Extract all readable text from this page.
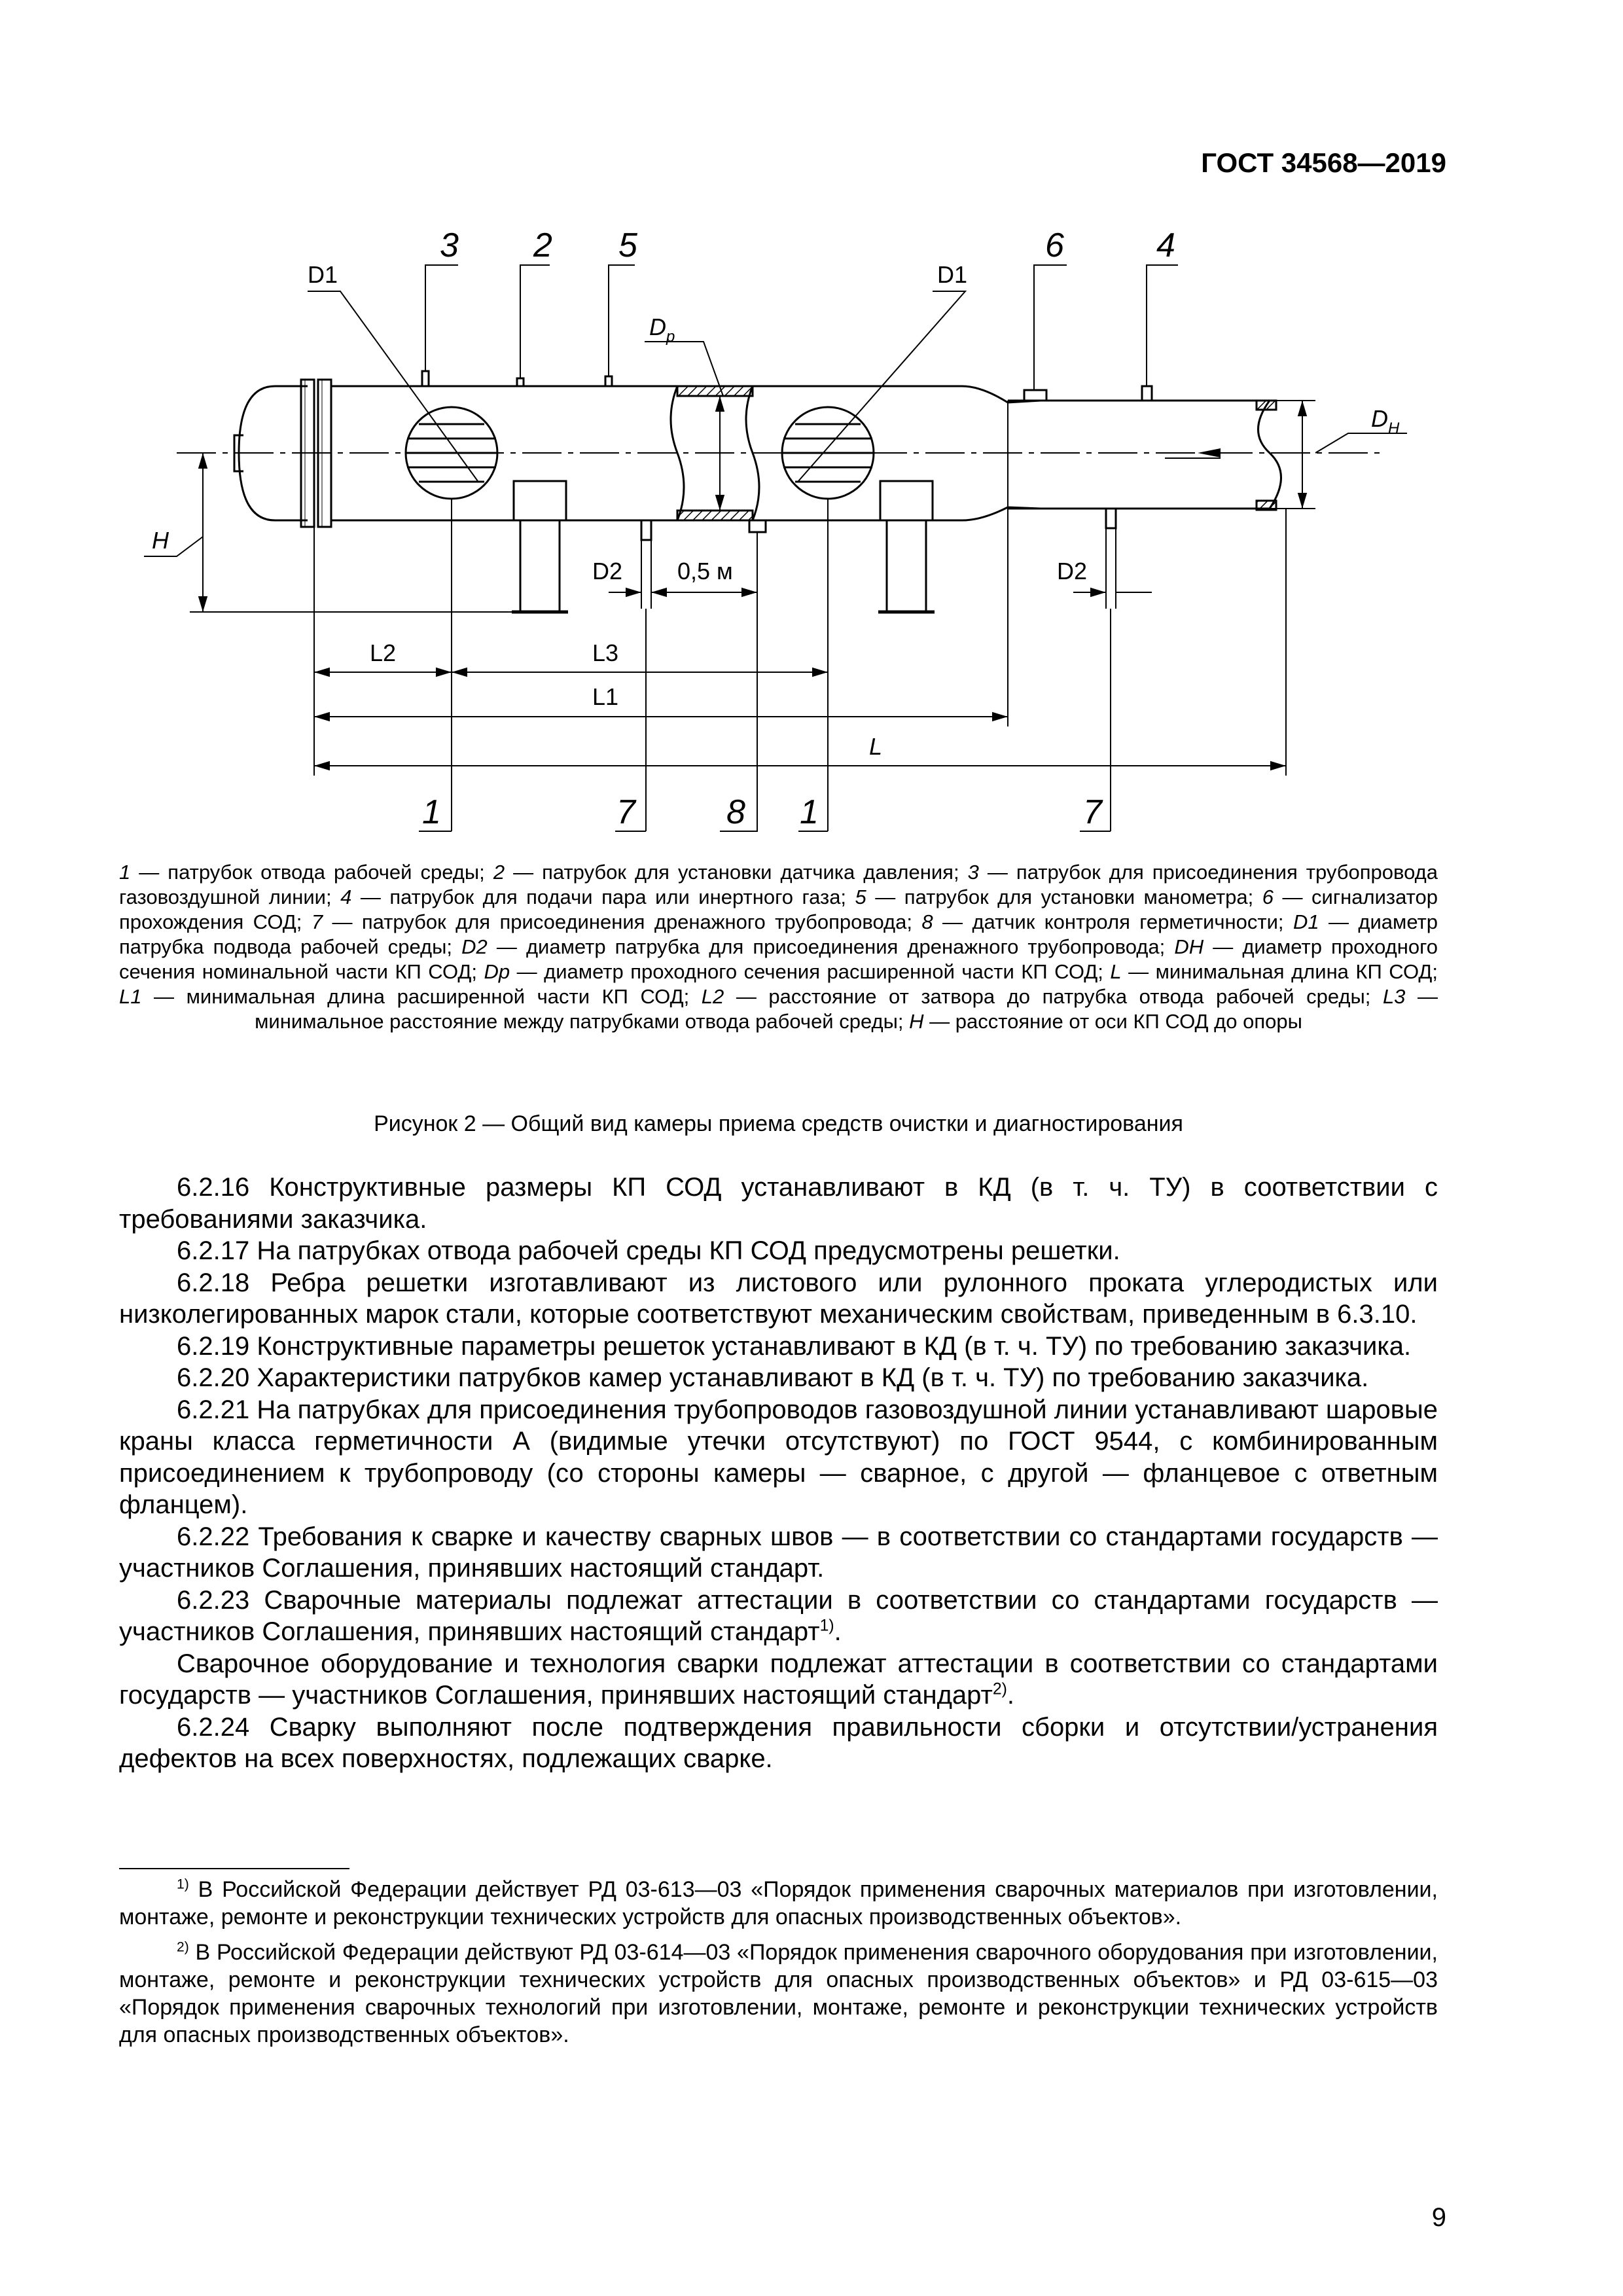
ГОСТ 34568—2019
3 2 5	6	4
1	7	8 1	7
D1	D1
$D_р$
$D_Н$
H
D2 0,5 м	D2
L2	L3
L1
L
1 — патрубок отвода рабочей среды; 2 — патрубок для установки датчика давления; 3 — патрубок для присоединения трубопровода газовоздушной линии; 4 — патрубок для подачи пара или инертного газа; 5 — патрубок для установки манометра; 6 — сигнализатор прохождения СОД; 7 — патрубок для присоединения дренажного трубопровода; 8 — датчик контроля герметичности; D1 — диаметр патрубка подвода рабочей среды; D2 — диаметр патрубка для присоединения дренажного трубопровода; DН — диаметр проходного сечения номинальной части КП СОД; Dр — диаметр проходного сечения расширенной части КП СОД; L — минимальная длина КП СОД; L1 — минимальная длина расширенной части КП СОД; L2 — расстояние от затвора до патрубка отвода рабочей среды; L3 — минимальное расстояние между патрубками отвода рабочей среды; H — расстояние от оси КП СОД до опоры
Рисунок 2 — Общий вид камеры приема средств очистки и диагностирования

6.2.16 Конструктивные размеры КП СОД устанавливают в КД (в т. ч. ТУ) в соответствии с требованиями заказчика.

6.2.17 На патрубках отвода рабочей среды КП СОД предусмотрены решетки.

6.2.18 Ребра решетки изготавливают из листового или рулонного проката углеродистых или низколегированных марок стали, которые соответствуют механическим свойствам, приведенным в 6.3.10.

6.2.19 Конструктивные параметры решеток устанавливают в КД (в т. ч. ТУ) по требованию заказчика.

6.2.20 Характеристики патрубков камер устанавливают в КД (в т. ч. ТУ) по требованию заказчика.

6.2.21 На патрубках для присоединения трубопроводов газовоздушной линии устанавливают шаровые краны класса герметичности А (видимые утечки отсутствуют) по ГОСТ 9544, с комбинированным присоединением к трубопроводу (со стороны камеры — сварное, с другой — фланцевое с ответным фланцем).

6.2.22 Требования к сварке и качеству сварных швов — в соответствии со стандартами государств — участников Соглашения, принявших настоящий стандарт.

6.2.23 Сварочные материалы подлежат аттестации в соответствии со стандартами государств — участников Соглашения, принявших настоящий стандарт$^{1)}$.

Сварочное оборудование и технология сварки подлежат аттестации в соответствии со стандартами государств — участников Соглашения, принявших настоящий стандарт$^{2)}$.

6.2.24 Сварку выполняют после подтверждения правильности сборки и отсутствии/устранения дефектов на всех поверхностях, подлежащих сварке.

$^{1)}$ В Российской Федерации действует РД 03-613—03 «Порядок применения сварочных материалов при изготовлении, монтаже, ремонте и реконструкции технических устройств для опасных производственных объектов».

$^{2)}$ В Российской Федерации действуют РД 03-614—03 «Порядок применения сварочного оборудования при изготовлении, монтаже, ремонте и реконструкции технических устройств для опасных производственных объектов» и РД 03-615—03 «Порядок применения сварочных технологий при изготовлении, монтаже, ремонте и реконструкции технических устройств для опасных производственных объектов».

9
